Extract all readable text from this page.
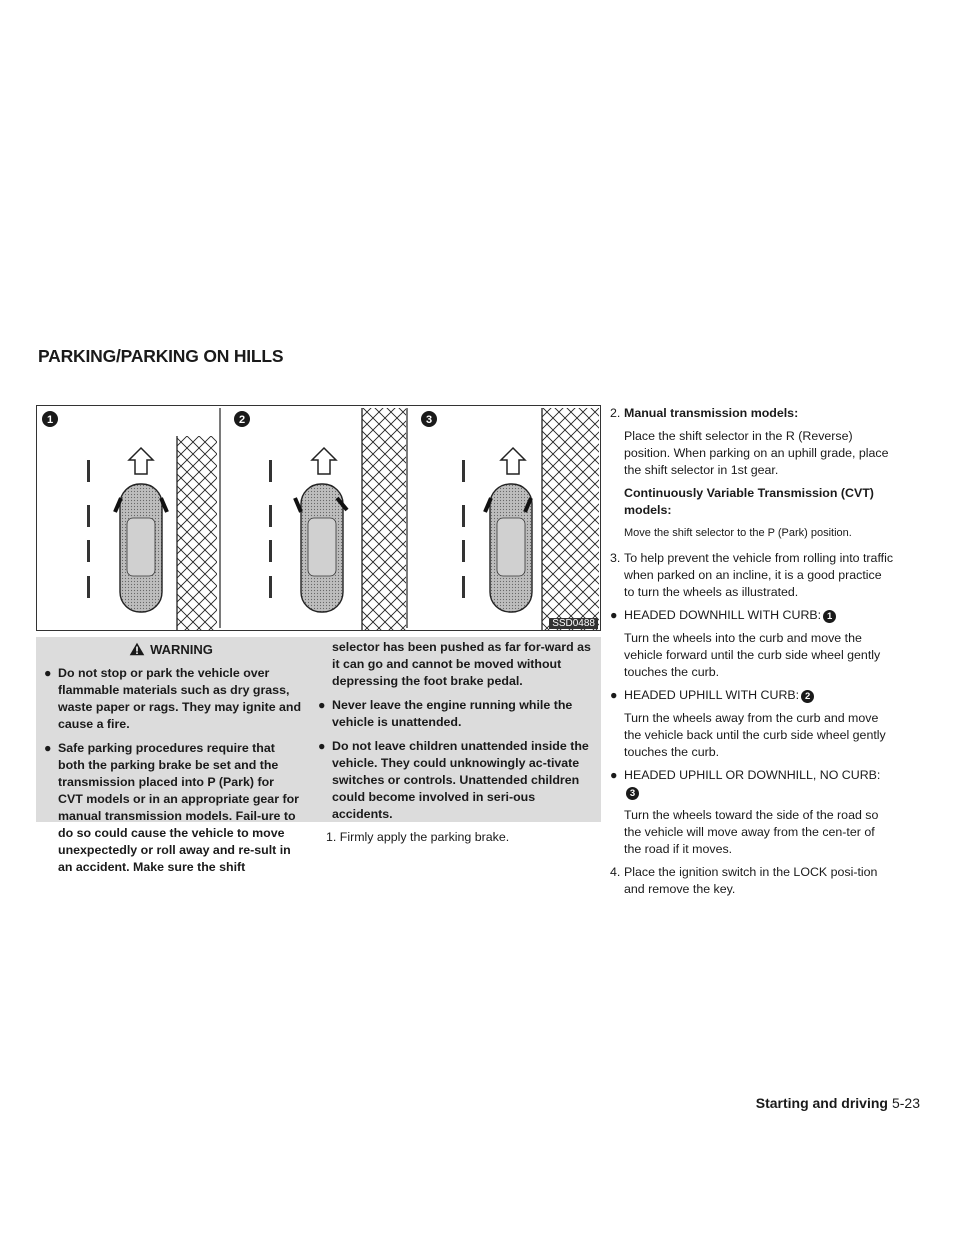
PARKING/PARKING ON HILLS
1	2	3
SSD0488
WARNING
● Do not stop or park the vehicle over flammable materials such as dry grass, waste paper or rags. They may ignite and cause a fire.

● Safe parking procedures require that both the parking brake be set and the transmission placed into P (Park) for CVT models or in an appropriate gear for manual transmission models. Fail-ure to do so could cause the vehicle to move unexpectedly or roll away and re-sult in an accident. Make sure the shift

selector has been pushed as far for-ward as it can go and cannot be moved without depressing the foot brake pedal.

● Never leave the engine running while the vehicle is unattended.

● Do not leave children unattended inside the vehicle. They could unknowingly ac-tivate switches or controls. Unattended children could become involved in seri-ous accidents.

1. Firmly apply the parking brake.

2. Manual transmission models:

Place the shift selector in the R (Reverse) position. When parking on an uphill grade, place the shift selector in 1st gear.

Continuously Variable Transmission (CVT) models:

Move the shift selector to the P (Park) position.

3. To help prevent the vehicle from rolling into traffic when parked on an incline, it is a good practice to turn the wheels as illustrated.
● HEADED DOWNHILL WITH CURB: 1

Turn the wheels into the curb and move the vehicle forward until the curb side wheel gently touches the curb.

● HEADED UPHILL WITH CURB: 2

Turn the wheels away from the curb and move the vehicle back until the curb side wheel gently touches the curb.

● HEADED UPHILL OR DOWNHILL, NO CURB:3

Turn the wheels toward the side of the road so the vehicle will move away from the cen-ter of the road if it moves.

4. Place the ignition switch in the LOCK posi-tion and remove the key.
Starting and driving 5-23
